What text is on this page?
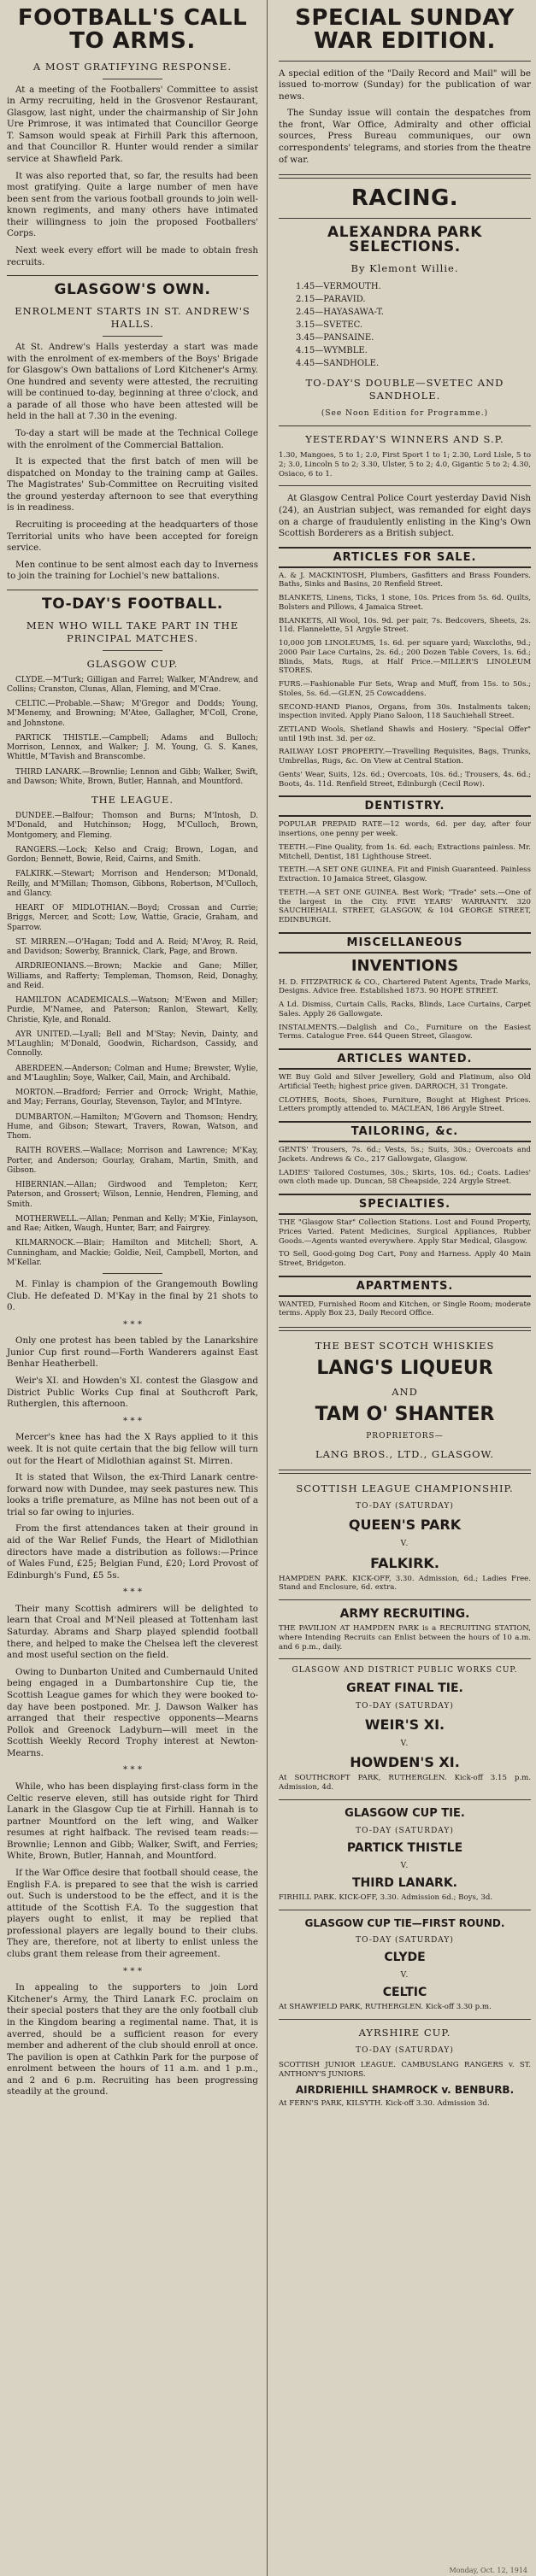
FOOTBALL'S CALL TO ARMS.
A MOST GRATIFYING RESPONSE.

At a meeting of the Footballers' Committee to assist in Army recruiting, held in the Grosvenor Restaurant, Glasgow, last night, under the chairmanship of Sir John Ure Primrose, it was intimated that Councillor George T. Samson would speak at Firhill Park this afternoon, and that Councillor R. Hunter would render a similar service at Shawfield Park.

It was also reported that, so far, the results had been most gratifying. Quite a large number of men have been sent from the various football grounds to join well-known regiments, and many others have intimated their willingness to join the proposed Footballers' Corps.

Next week every effort will be made to obtain fresh recruits.

GLASGOW'S OWN.
ENROLMENT STARTS IN ST. ANDREW'S HALLS.

At St. Andrew's Halls yesterday a start was made with the enrolment of ex-members of the Boys' Brigade for Glasgow's Own battalions of Lord Kitchener's Army. One hundred and seventy were attested, the recruiting will be continued to-day, beginning at three o'clock, and a parade of all those who have been attested will be held in the hall at 7.30 in the evening.

To-day a start will be made at the Technical College with the enrolment of the Commercial Battalion.

It is expected that the first batch of men will be dispatched on Monday to the training camp at Gailes. The Magistrates' Sub-Committee on Recruiting visited the ground yesterday afternoon to see that everything is in readiness.

Recruiting is proceeding at the headquarters of those Territorial units who have been accepted for foreign service.

Men continue to be sent almost each day to Inverness to join the training for Lochiel's new battalions.

TO-DAY'S FOOTBALL.
MEN WHO WILL TAKE PART IN THE PRINCIPAL MATCHES.
GLASGOW CUP.

CLYDE.—M'Turk; Gilligan and Farrel; Walker, M'Andrew, and Collins; Cranston, Clunas, Allan, Fleming, and M'Crae.

CELTIC.—Probable.—Shaw; M'Gregor and Dodds; Young, M'Menemy, and Browning; M'Atee, Gallagher, M'Coll, Crone, and Johnstone.

PARTICK THISTLE.—Campbell; Adams and Bulloch; Morrison, Lennox, and Walker; J. M. Young, G. S. Kanes, Whittle, M'Tavish and Branscombe.

THIRD LANARK.—Brownlie; Lennon and Gibb; Walker, Swift, and Dawson; White, Brown, Butler, Hannah, and Mountford.

THE LEAGUE.

DUNDEE.—Balfour; Thomson and Burns; M'Intosh, D. M'Donald, and Hutchinson; Hogg, M'Culloch, Brown, Montgomery, and Fleming.

RANGERS.—Lock; Kelso and Craig; Brown, Logan, and Gordon; Bennett, Bowie, Reid, Cairns, and Smith.

FALKIRK.—Stewart; Morrison and Henderson; M'Donald, Reilly, and M'Millan; Thomson, Gibbons, Robertson, M'Culloch, and Glancy.

HEART OF MIDLOTHIAN.—Boyd; Crossan and Currie; Briggs, Mercer, and Scott; Low, Wattie, Gracie, Graham, and Sparrow.

ST. MIRREN.—O'Hagan; Todd and A. Reid; M'Avoy, R. Reid, and Davidson; Sowerby, Brannick, Clark, Page, and Brown.

AIRDRIEONIANS.—Brown; Mackie and Gane; Miller, Williams, and Rafferty; Templeman, Thomson, Reid, Donaghy, and Reid.

HAMILTON ACADEMICALS.—Watson; M'Ewen and Miller; Purdie, M'Namee, and Paterson; Ranlon, Stewart, Kelly, Christie, Kyle, and Ronald.

AYR UNITED.—Lyall; Bell and M'Stay; Nevin, Dainty, and M'Laughlin; M'Donald, Goodwin, Richardson, Cassidy, and Connolly.

ABERDEEN.—Anderson; Colman and Hume; Brewster, Wylie, and M'Laughlin; Soye, Walker, Cail, Main, and Archibald.

MORTON.—Bradford; Ferrier and Orrock; Wright, Mathie, and May; Ferrans, Gourlay, Stevenson, Taylor, and M'Intyre.

DUMBARTON.—Hamilton; M'Govern and Thomson; Hendry, Hume, and Gibson; Stewart, Travers, Rowan, Watson, and Thom.

RAITH ROVERS.—Wallace; Morrison and Lawrence; M'Kay, Porter, and Anderson; Gourlay, Graham, Martin, Smith, and Gibson.

HIBERNIAN.—Allan; Girdwood and Templeton; Kerr, Paterson, and Grossert; Wilson, Lennie, Hendren, Fleming, and Smith.

MOTHERWELL.—Allan; Penman and Kelly; M'Kie, Finlayson, and Rae; Aitken, Waugh, Hunter, Barr, and Fairgrey.

KILMARNOCK.—Blair; Hamilton and Mitchell; Short, A. Cunningham, and Mackie; Goldie, Neil, Campbell, Morton, and M'Kellar.

M. Finlay is champion of the Grangemouth Bowling Club. He defeated D. M'Kay in the final by 21 shots to 0.

* * *

Only one protest has been tabled by the Lanarkshire Junior Cup first round—Forth Wanderers against East Benhar Heatherbell.

Weir's XI. and Howden's XI. contest the Glasgow and District Public Works Cup final at Southcroft Park, Rutherglen, this afternoon.

* * *

Mercer's knee has had the X Rays applied to it this week. It is not quite certain that the big fellow will turn out for the Heart of Midlothian against St. Mirren.

It is stated that Wilson, the ex-Third Lanark centre-forward now with Dundee, may seek pastures new. This looks a trifle premature, as Milne has not been out of a trial so far owing to injuries.

From the first attendances taken at their ground in aid of the War Relief Funds, the Heart of Midlothian directors have made a distribution as follows:—Prince of Wales Fund, £25; Belgian Fund, £20; Lord Provost of Edinburgh's Fund, £5 5s.

* * *

Their many Scottish admirers will be delighted to learn that Croal and M'Neil pleased at Tottenham last Saturday. Abrams and Sharp played splendid football there, and helped to make the Chelsea left the cleverest and most useful section on the field.

Owing to Dunbarton United and Cumbernauld United being engaged in a Dumbartonshire Cup tie, the Scottish League games for which they were booked to-day have been postponed. Mr. J. Dawson Walker has arranged that their respective opponents—Mearns Pollok and Greenock Ladyburn—will meet in the Scottish Weekly Record Trophy interest at Newton-Mearns.

* * *

While, who has been displaying first-class form in the Celtic reserve eleven, still has outside right for Third Lanark in the Glasgow Cup tie at Firhill. Hannah is to partner Mountford on the left wing, and Walker resumes at right halfback. The revised team reads:—Brownlie; Lennon and Gibb; Walker, Swift, and Ferries; White, Brown, Butler, Hannah, and Mountford.

If the War Office desire that football should cease, the English F.A. is prepared to see that the wish is carried out. Such is understood to be the effect, and it is the attitude of the Scottish F.A. To the suggestion that players ought to enlist, it may be replied that professional players are legally bound to their clubs. They are, therefore, not at liberty to enlist unless the clubs grant them release from their agreement.

* * *

In appealing to the supporters to join Lord Kitchener's Army, the Third Lanark F.C. proclaim on their special posters that they are the only football club in the Kingdom bearing a regimental name. That, it is averred, should be a sufficient reason for every member and adherent of the club should enroll at once. The pavilion is open at Cathkin Park for the purpose of enrolment between the hours of 11 a.m. and 1 p.m., and 2 and 6 p.m. Recruiting has been progressing steadily at the ground.

SPECIAL SUNDAY WAR EDITION.

A special edition of the "Daily Record and Mail" will be issued to-morrow (Sunday) for the publication of war news.

The Sunday issue will contain the despatches from the front, War Office, Admiralty and other official sources, Press Bureau communiques, our own correspondents' telegrams, and stories from the theatre of war.

RACING.
ALEXANDRA PARK SELECTIONS.
By Klemont Willie.
1.45—VERMOUTH.
2.15—PARAVID.
2.45—HAYASAWA-T.
3.15—SVETEC.
3.45—PANSAINE.
4.15—WYMBLE.
4.45—SANDHOLE.
TO-DAY'S DOUBLE—SVETEC AND SANDHOLE.
(See Noon Edition for Programme.)
YESTERDAY'S WINNERS AND S.P.

1.30, Mangoes, 5 to 1; 2.0, First Sport 1 to 1; 2.30, Lord Lisle, 5 to 2; 3.0, Lincoln 5 to 2; 3.30, Ulster, 5 to 2; 4.0, Gigantic 5 to 2; 4.30, Osiaco, 6 to 1.

At Glasgow Central Police Court yesterday David Nish (24), an Austrian subject, was remanded for eight days on a charge of fraudulently enlisting in the King's Own Scottish Borderers as a British subject.

ARTICLES FOR SALE.

A. & J. MACKINTOSH, Plumbers, Gasfitters and Brass Founders. Baths, Sinks and Basins, 20 Renfield Street.

BLANKETS, Linens, Ticks, 1 stone, 10s. Prices from 5s. 6d. Quilts, Bolsters and Pillows, 4 Jamaica Street.

BLANKETS, All Wool, 10s. 9d. per pair, 7s. Bedcovers, Sheets, 2s. 11d. Flannelette, 51 Argyle Street.

10,000 JOB LINOLEUMS, 1s. 6d. per square yard; Waxcloths, 9d.; 2000 Pair Lace Curtains, 2s. 6d.; 200 Dozen Table Covers, 1s. 6d.; Blinds, Mats, Rugs, at Half Price.—MILLER'S LINOLEUM STORES.

FURS.—Fashionable Fur Sets, Wrap and Muff, from 15s. to 50s.; Stoles, 5s. 6d.—GLEN, 25 Cowcaddens.

SECOND-HAND Pianos, Organs, from 30s. Instalments taken; inspection invited. Apply Piano Saloon, 118 Sauchiehall Street.

ZETLAND Wools, Shetland Shawls and Hosiery. "Special Offer" until 19th inst. 3d. per oz.

RAILWAY LOST PROPERTY.—Travelling Requisites, Bags, Trunks, Umbrellas, Rugs, &c. On View at Central Station.

Gents' Wear, Suits, 12s. 6d.; Overcoats, 10s. 6d.; Trousers, 4s. 6d.; Boots, 4s. 11d. Renfield Street, Edinburgh (Cecil Row).

DENTISTRY.

POPULAR PREPAID RATE—12 words, 6d. per day, after four insertions, one penny per week.

TEETH.—Fine Quality, from 1s. 6d. each; Extractions painless. Mr. Mitchell, Dentist, 181 Lighthouse Street.

TEETH.—A SET ONE GUINEA. Fit and Finish Guaranteed. Painless Extraction. 10 Jamaica Street, Glasgow.

TEETH.—A SET ONE GUINEA. Best Work; "Trade" sets.—One of the largest in the City. FIVE YEARS' WARRANTY. 320 SAUCHIEHALL STREET, GLASGOW, & 104 GEORGE STREET, EDINBURGH.

MISCELLANEOUS
INVENTIONS

H. D. FITZPATRICK & CO., Chartered Patent Agents, Trade Marks, Designs. Advice free. Established 1873. 90 HOPE STREET.

A Ld. Dismiss, Curtain Calls, Racks, Blinds, Lace Curtains, Carpet Sales. Apply 26 Gallowgate.

INSTALMENTS.—Dalglish and Co., Furniture on the Easiest Terms. Catalogue Free. 644 Queen Street, Glasgow.

ARTICLES WANTED.

WE Buy Gold and Silver Jewellery, Gold and Platinum, also Old Artificial Teeth; highest price given. DARROCH, 31 Trongate.

CLOTHES, Boots, Shoes, Furniture, Bought at Highest Prices. Letters promptly attended to. MACLEAN, 186 Argyle Street.

TAILORING, &c.

GENTS' Trousers, 7s. 6d.; Vests, 5s.; Suits, 30s.; Overcoats and Jackets. Andrews & Co., 217 Gallowgate, Glasgow.

LADIES' Tailored Costumes, 30s.; Skirts, 10s. 6d.; Coats. Ladies' own cloth made up. Duncan, 58 Cheapside, 224 Argyle Street.

SPECIALTIES.

THE "Glasgow Star" Collection Stations. Lost and Found Property, Prices Varied. Patent Medicines, Surgical Appliances, Rubber Goods.—Agents wanted everywhere. Apply Star Medical, Glasgow.

TO Sell, Good-going Dog Cart, Pony and Harness. Apply 40 Main Street, Bridgeton.

APARTMENTS.

WANTED, Furnished Room and Kitchen, or Single Room; moderate terms. Apply Box 23, Daily Record Office.

THE BEST SCOTCH WHISKIES
LANG'S LIQUEUR
AND
TAM O' SHANTER
PROPRIETORS—
LANG BROS., LTD., GLASGOW.
SCOTTISH LEAGUE CHAMPIONSHIP.
TO-DAY (SATURDAY)
QUEEN'S PARK
V.
FALKIRK.

HAMPDEN PARK. KICK-OFF, 3.30. Admission, 6d.; Ladies Free. Stand and Enclosure, 6d. extra.

ARMY RECRUITING.

THE PAVILION AT HAMPDEN PARK is a RECRUITING STATION, where Intending Recruits can Enlist between the hours of 10 a.m. and 6 p.m., daily.

GLASGOW AND DISTRICT PUBLIC WORKS CUP.
GREAT FINAL TIE.
TO-DAY (SATURDAY)
WEIR'S XI.
V.
HOWDEN'S XI.

At SOUTHCROFT PARK, RUTHERGLEN. Kick-off 3.15 p.m. Admission, 4d.

GLASGOW CUP TIE.
TO-DAY (SATURDAY)
PARTICK THISTLE
V.
THIRD LANARK.

FIRHILL PARK. KICK-OFF, 3.30. Admission 6d.; Boys, 3d.

GLASGOW CUP TIE—FIRST ROUND.
TO-DAY (SATURDAY)
CLYDE
V.
CELTIC

At SHAWFIELD PARK, RUTHERGLEN. Kick-off 3.30 p.m.

AYRSHIRE CUP.
TO-DAY (SATURDAY)

SCOTTISH JUNIOR LEAGUE. CAMBUSLANG RANGERS v. ST. ANTHONY'S JUNIORS.

AIRDRIEHILL SHAMROCK v. BENBURB.

At FERN'S PARK, KILSYTH. Kick-off 3.30. Admission 3d.

Monday, Oct. 12, 1914
